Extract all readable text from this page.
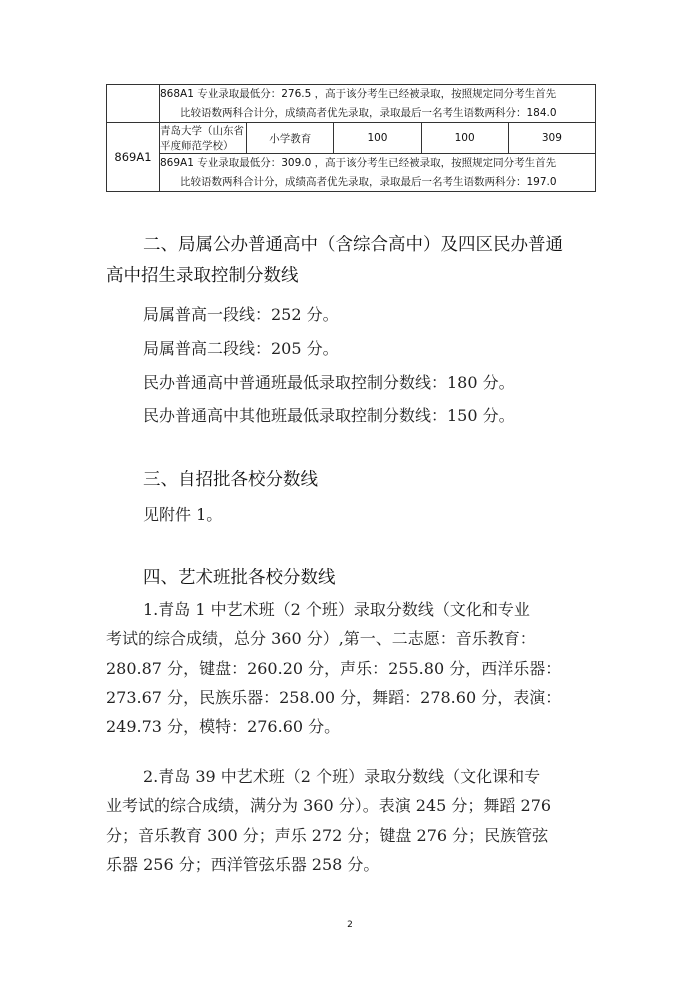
	868A1 专业录取最低分：276.5 ，高于该分考生已经被录取，按照规定同分考生首先
比较语数两科合计分，成绩高者优先录取，录取最后一名考生语数两科分：184.0				

869A1	青岛大学（山东省平度师范学校）	小学教育	100	100	309

	869A1 专业录取最低分：309.0 ，高于该分考生已经被录取，按照规定同分考生首先
比较语数两科合计分，成绩高者优先录取，录取最后一名考生语数两科分：197.0				
二、局属公办普通高中（含综合高中）及四区民办普通
高中招生录取控制分数线
局属普高一段线：252 分。
局属普高二段线：205 分。
民办普通高中普通班最低录取控制分数线：180 分。
民办普通高中其他班最低录取控制分数线：150 分。
三、自招批各校分数线
见附件 1。
四、艺术班批各校分数线
1.青岛 1 中艺术班（2 个班）录取分数线（文化和专业
考试的综合成绩，总分 360 分）,第一、二志愿：音乐教育：
280.87 分，键盘：260.20 分，声乐：255.80 分，西洋乐器：
273.67 分，民族乐器：258.00 分，舞蹈：278.60 分，表演：
249.73 分，模特：276.60 分。
2.青岛 39 中艺术班（2 个班）录取分数线（文化课和专
业考试的综合成绩，满分为 360 分）。表演 245 分；舞蹈 276
分；音乐教育 300 分；声乐 272 分；键盘 276 分；民族管弦
乐器 256 分；西洋管弦乐器 258 分。
2
